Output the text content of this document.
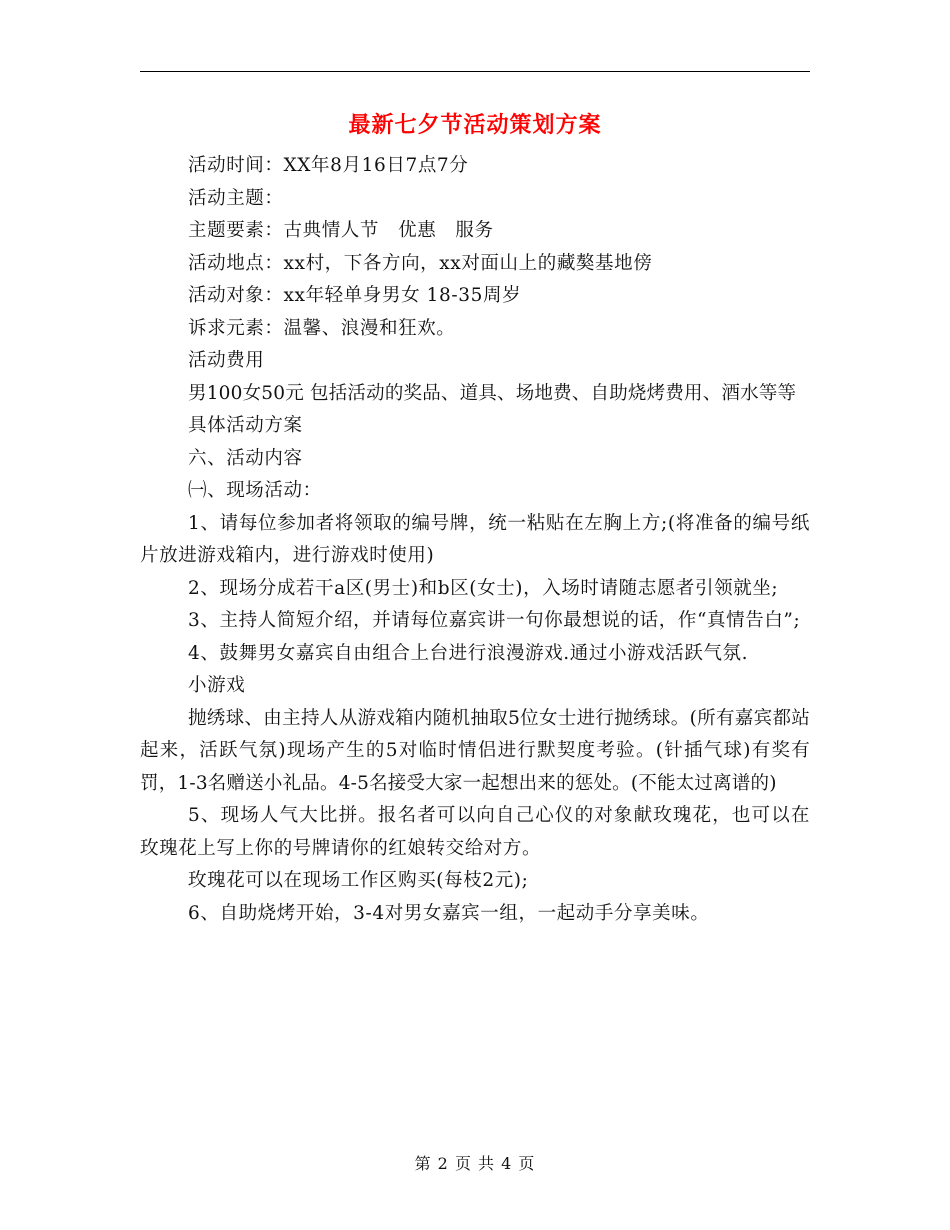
最新七夕节活动策划方案

活动时间：XX年8月16日7点7分

活动主题：

主题要素：古典情人节　优惠　服务

活动地点：xx村，下各方向，xx对面山上的藏獒基地傍

活动对象：xx年轻单身男女 18-35周岁

诉求元素：温馨、浪漫和狂欢。

活动费用

男100女50元 包括活动的奖品、道具、场地费、自助烧烤费用、酒水等等

具体活动方案

六、活动内容

㈠、现场活动：

1、请每位参加者将领取的编号牌，统一粘贴在左胸上方;(将准备的编号纸片放进游戏箱内，进行游戏时使用)

2、现场分成若干a区(男士)和b区(女士)，入场时请随志愿者引领就坐;

3、主持人简短介绍，并请每位嘉宾讲一句你最想说的话，作“真情告白”;

4、鼓舞男女嘉宾自由组合上台进行浪漫游戏.通过小游戏活跃气氛.

小游戏

抛绣球、由主持人从游戏箱内随机抽取5位女士进行抛绣球。(所有嘉宾都站起来，活跃气氛)现场产生的5对临时情侣进行默契度考验。(针插气球)有奖有罚，1-3名赠送小礼品。4-5名接受大家一起想出来的惩处。(不能太过离谱的)

5、现场人气大比拼。报名者可以向自己心仪的对象献玫瑰花，也可以在玫瑰花上写上你的号牌请你的红娘转交给对方。

玫瑰花可以在现场工作区购买(每枝2元);

6、自助烧烤开始，3-4对男女嘉宾一组，一起动手分享美味。

第 2 页 共 4 页
